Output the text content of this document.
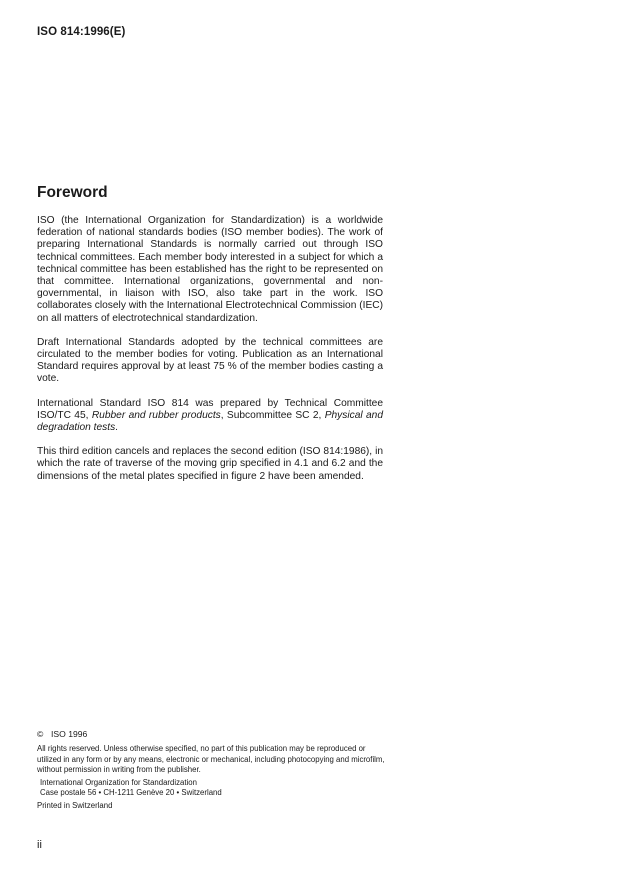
ISO 814:1996(E)
Foreword

ISO (the International Organization for Standardization) is a worldwide federation of national standards bodies (ISO member bodies). The work of preparing International Standards is normally carried out through ISO technical committees. Each member body interested in a subject for which a technical committee has been established has the right to be represented on that committee. International organizations, governmental and non-governmental, in liaison with ISO, also take part in the work. ISO collaborates closely with the International Electrotechnical Commission (IEC) on all matters of electrotechnical standardization.

Draft International Standards adopted by the technical committees are circulated to the member bodies for voting. Publication as an International Standard requires approval by at least 75 % of the member bodies casting a vote.

International Standard ISO 814 was prepared by Technical Committee ISO/TC 45, Rubber and rubber products, Subcommittee SC 2, Physical and degradation tests.

This third edition cancels and replaces the second edition (ISO 814:1986), in which the rate of traverse of the moving grip specified in 4.1 and 6.2 and the dimensions of the metal plates specified in figure 2 have been amended.

© ISO 1996
All rights reserved. Unless otherwise specified, no part of this publication may be reproduced or utilized in any form or by any means, electronic or mechanical, including photocopying and microfilm, without permission in writing from the publisher.
International Organization for Standardization
Case postale 56 • CH-1211 Genève 20 • Switzerland
Printed in Switzerland
ii
